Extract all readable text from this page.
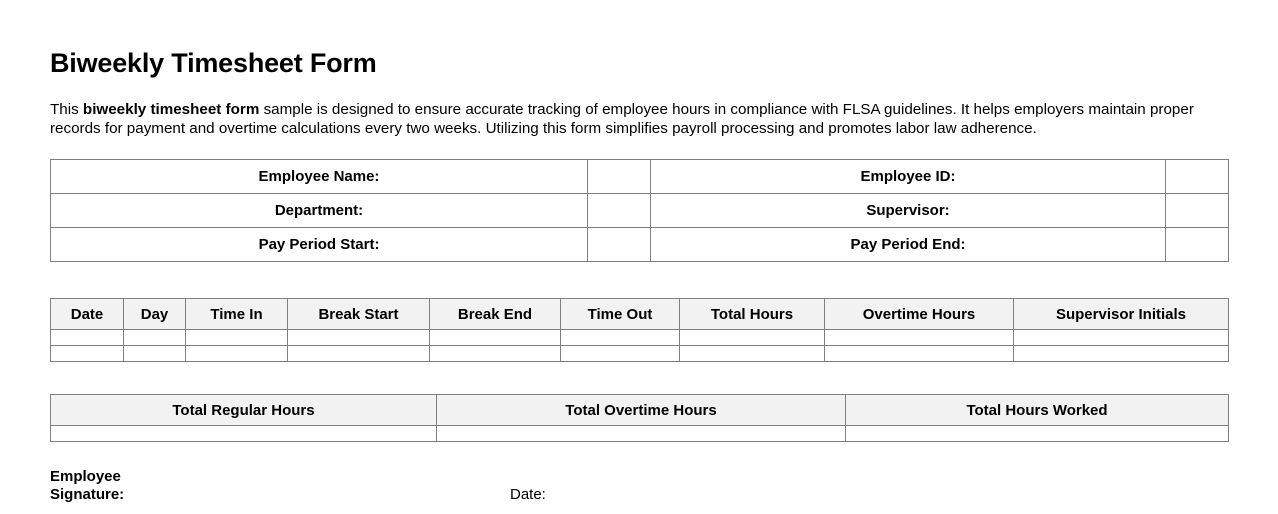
Biweekly Timesheet Form

This biweekly timesheet form sample is designed to ensure accurate tracking of employee hours in compliance with FLSA guidelines. It helps employers maintain proper records for payment and overtime calculations every two weeks. Utilizing this form simplifies payroll processing and promotes labor law adherence.

Employee Name:		Employee ID:	
Department:		Supervisor:	
Pay Period Start:		Pay Period End:	
Date	Day	Time In	Break Start	Break End	Time Out	Total Hours	Overtime Hours	Supervisor Initials

Total Regular Hours	Total Overtime Hours	Total Hours Worked

Employee Signature:	Date:
